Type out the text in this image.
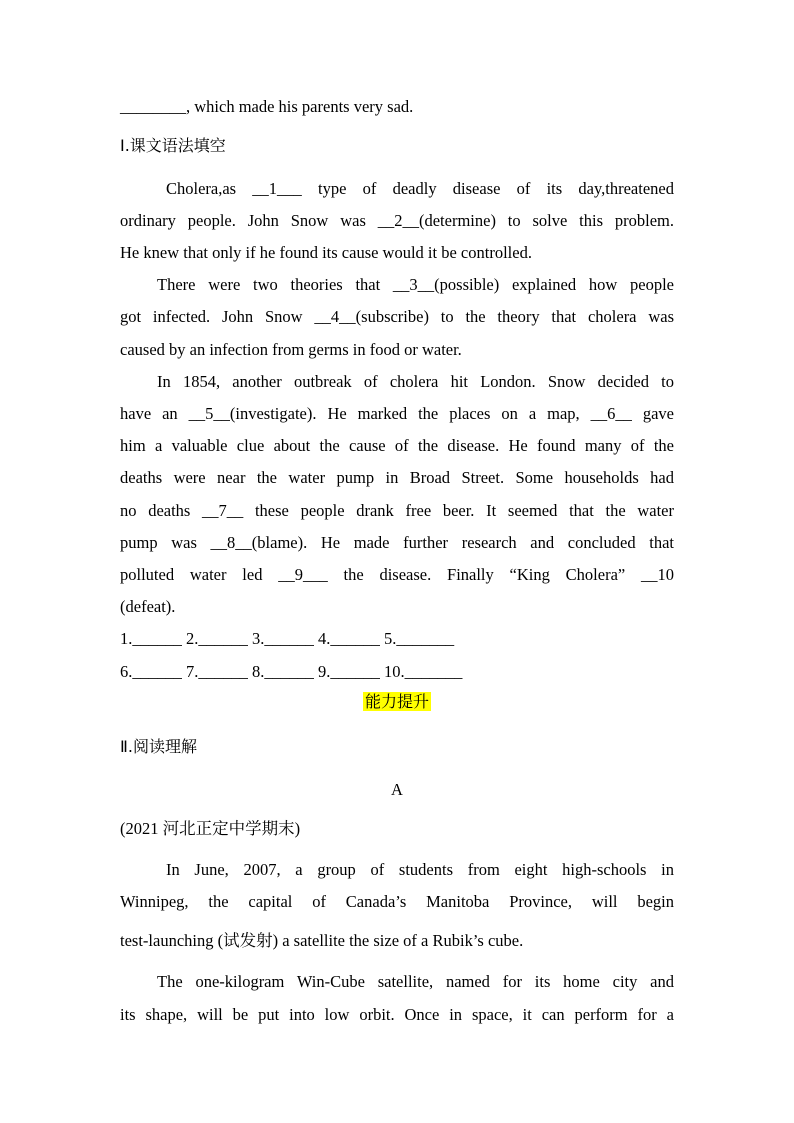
________, which made his parents very sad.
Ⅰ.课文语法填空
Cholera,as __1___ type of deadly disease of its day,threatened
ordinary people. John Snow was __2__(determine) to solve this problem.
He knew that only if he found its cause would it be controlled.
There were two theories that __3__(possible) explained how people
got infected. John Snow __4__(subscribe) to the theory that cholera was
caused by an infection from germs in food or water.
In 1854, another outbreak of cholera hit London. Snow decided to
have an __5__(investigate). He marked the places on a map, __6__ gave
him a valuable clue about the cause of the disease. He found many of the
deaths were near the water pump in Broad Street. Some households had
no deaths __7__ these people drank free beer. It seemed that the water
pump was __8__(blame). He made further research and concluded that
polluted water led __9___ the disease. Finally “King Cholera” __10
(defeat).
1.______ 2.______ 3.______ 4.______ 5._______
6.______ 7.______ 8.______ 9.______ 10._______
能力提升
Ⅱ.阅读理解
A
(2021 河北正定中学期末)
In June, 2007, a group of students from eight high-schools in
Winnipeg, the capital of Canada’s Manitoba Province, will begin
test-launching (试发射) a satellite the size of a Rubik’s cube.
The one-kilogram Win-Cube satellite, named for its home city and
its shape, will be put into low orbit. Once in space, it can perform for a
